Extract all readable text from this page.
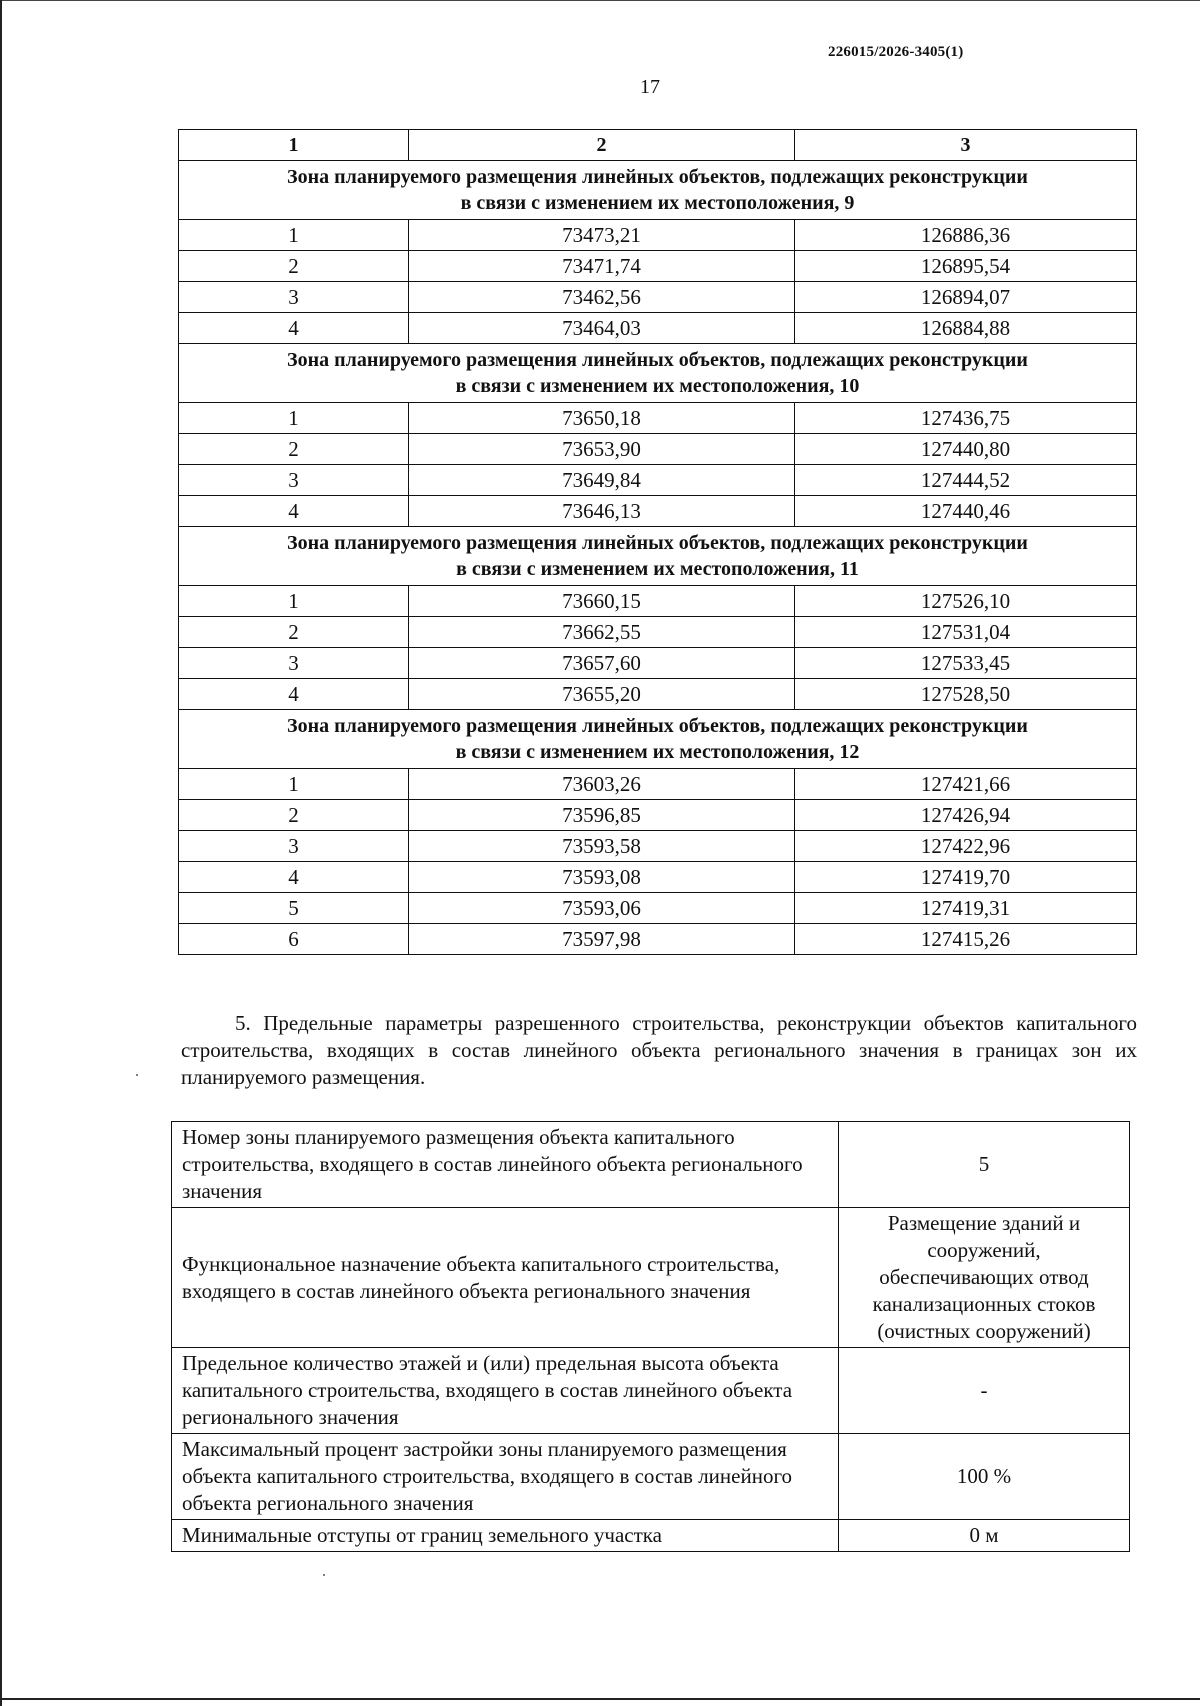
226015/2026-3405(1)
17
1	2	3
Зона планируемого размещения линейных объектов, подлежащих реконструкции
в связи с изменением их местоположения, 9		
1	73473,21	126886,36
2	73471,74	126895,54
3	73462,56	126894,07
4	73464,03	126884,88
Зона планируемого размещения линейных объектов, подлежащих реконструкции
в связи с изменением их местоположения, 10		
1	73650,18	127436,75
2	73653,90	127440,80
3	73649,84	127444,52
4	73646,13	127440,46
Зона планируемого размещения линейных объектов, подлежащих реконструкции
в связи с изменением их местоположения, 11		
1	73660,15	127526,10
2	73662,55	127531,04
3	73657,60	127533,45
4	73655,20	127528,50
Зона планируемого размещения линейных объектов, подлежащих реконструкции
в связи с изменением их местоположения, 12		
1	73603,26	127421,66
2	73596,85	127426,94
3	73593,58	127422,96
4	73593,08	127419,70
5	73593,06	127419,31
6	73597,98	127415,26

5. Предельные параметры разрешенного строительства, реконструкции объектов капитального строительства, входящих в состав линейного объекта регионального значения в границах зон их планируемого размещения.

Номер зоны планируемого размещения объекта капитального строительства, входящего в состав линейного объекта регионального значения	5
Функциональное назначение объекта капитального строительства, входящего в состав линейного объекта регионального значения	Размещение зданий и сооружений, обеспечивающих отвод канализационных стоков (очистных сооружений)
Предельное количество этажей и (или) предельная высота объекта капитального строительства, входящего в состав линейного объекта регионального значения	-
Максимальный процент застройки зоны планируемого размещения объекта капитального строительства, входящего в состав линейного объекта регионального значения	100 %
Минимальные отступы от границ земельного участка	0 м
